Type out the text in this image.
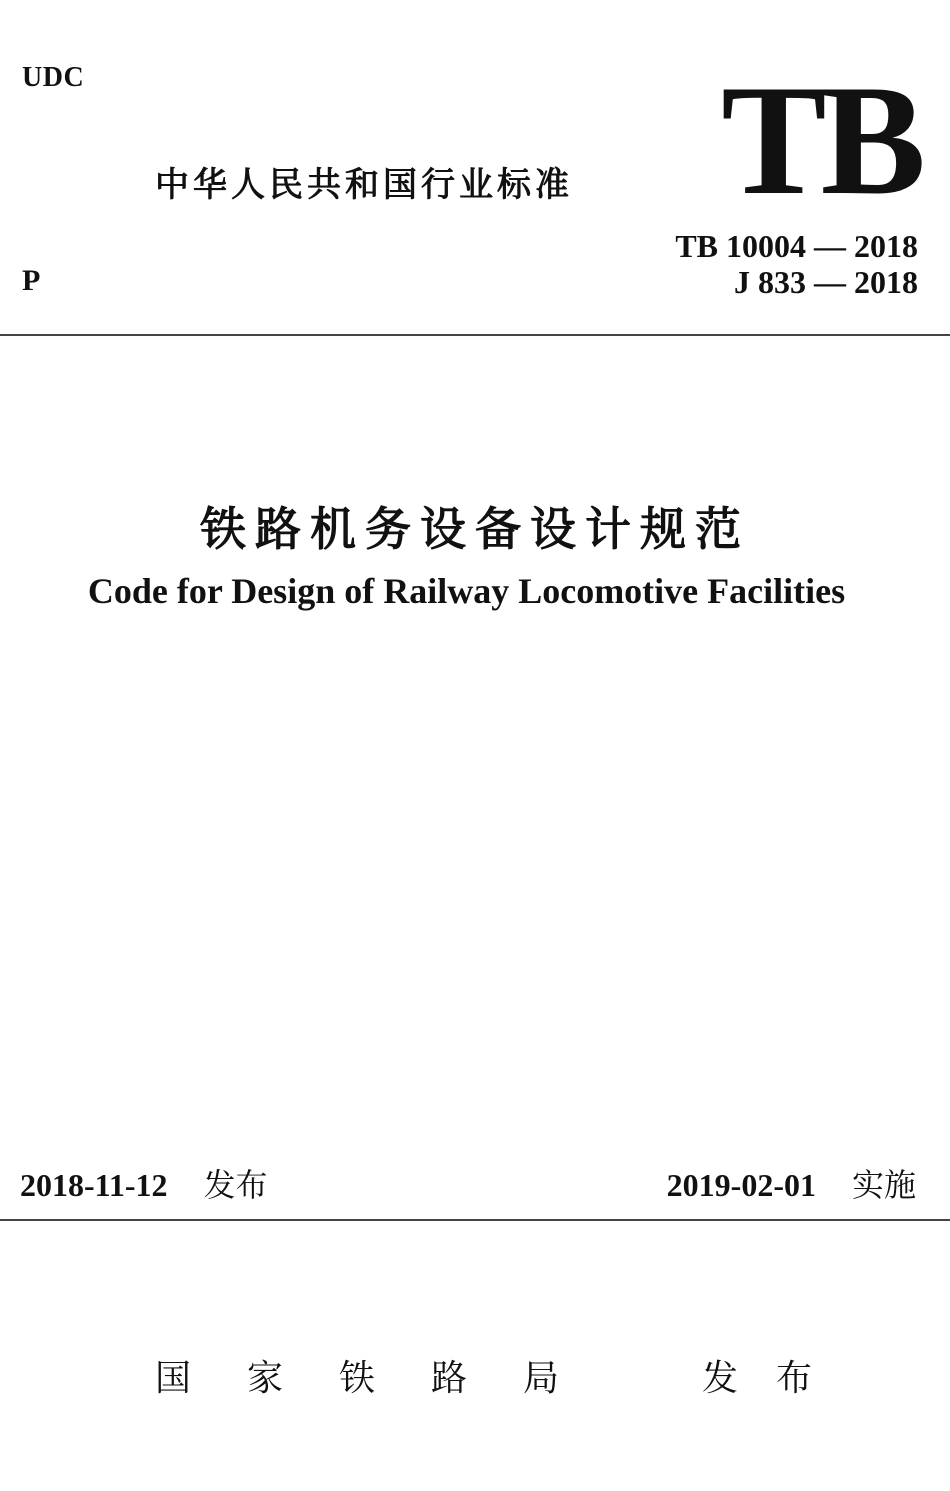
UDC
中华人民共和国行业标准 TB
P
TB 10004 — 2018
J 833 — 2018
铁路机务设备设计规范
Code for Design of Railway Locomotive Facilities
2018-11-12 发布	2019-02-01 实施
国家铁路局 发布
